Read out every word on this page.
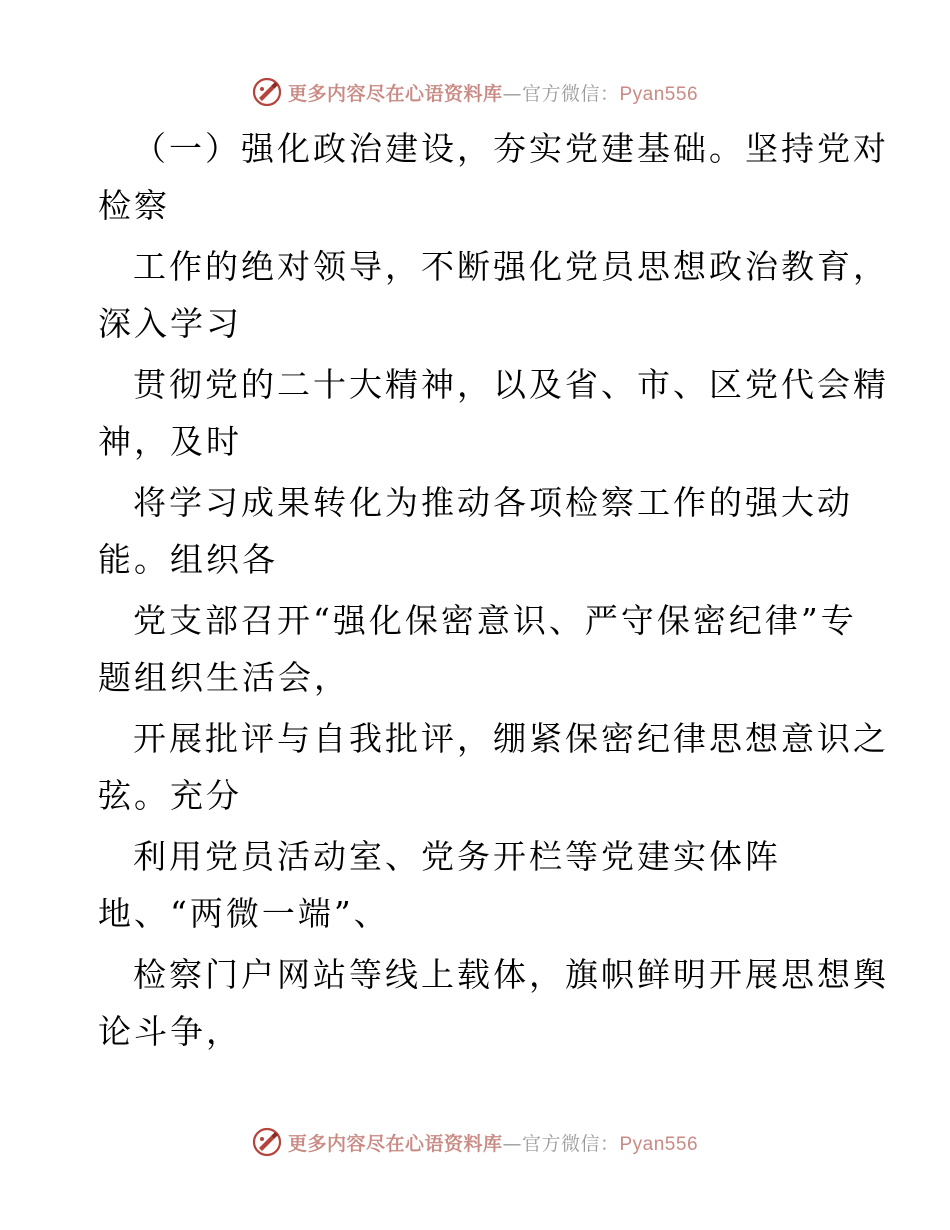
更多内容尽在心语资料库 —官方微信： Pyan556
（一）强化政治建设，夯实党建基础。坚持党对
检察
工作的绝对领导，不断强化党员思想政治教育，
深入学习
贯彻党的二十大精神，以及省、市、区党代会精
神，及时
将学习成果转化为推动各项检察工作的强大动
能。组织各
党支部召开“强化保密意识、严守保密纪律”专
题组织生活会，
开展批评与自我批评，绷紧保密纪律思想意识之
弦。充分
利用党员活动室、党务开栏等党建实体阵
地、“两微一端”、
检察门户网站等线上载体，旗帜鲜明开展思想舆
论斗争，
更多内容尽在心语资料库 —官方微信： Pyan556
